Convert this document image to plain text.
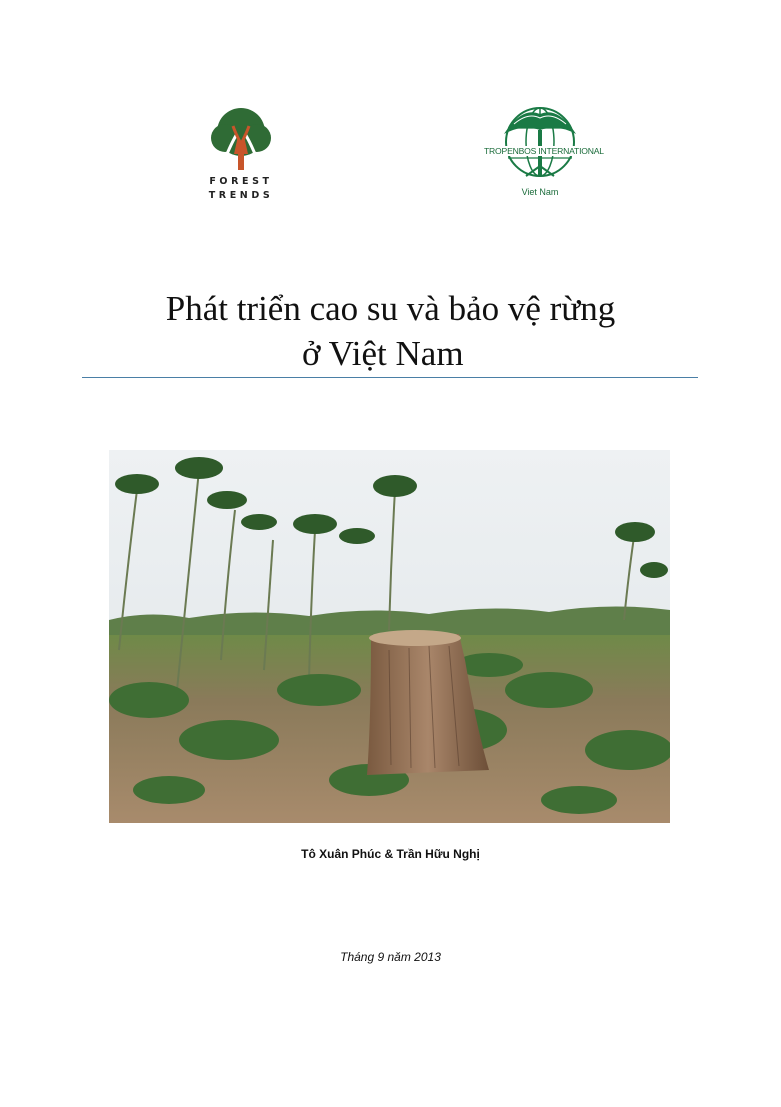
FOREST
TRENDS
TROPENBOS INTERNATIONAL
Viet Nam
Phát triển cao su và bảo vệ rừng
ở Việt Nam
Tô Xuân Phúc & Trần Hữu Nghị
Tháng 9 năm 2013
